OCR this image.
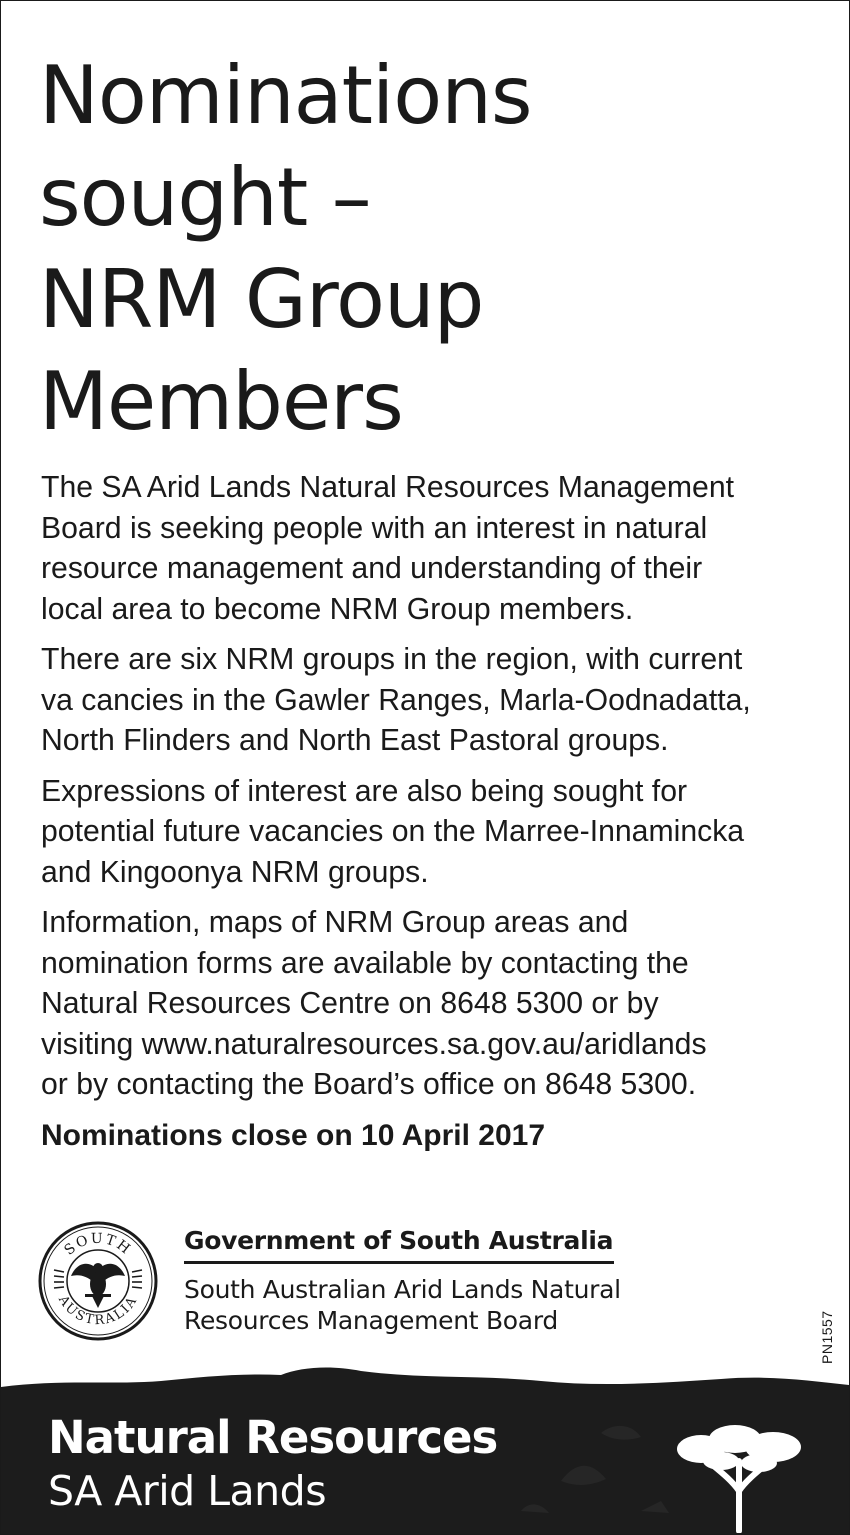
Nominations
sought –
NRM Group
Members

The SA Arid Lands Natural Resources Management
Board is seeking people with an interest in natural
resource management and understanding of their
local area to become NRM Group members.

There are six NRM groups in the region, with current
va cancies in the Gawler Ranges, Marla-Oodnadatta,
North Flinders and North East Pastoral groups.

Expressions of interest are also being sought for
potential future vacancies on the Marree-Innamincka
and Kingoonya NRM groups.

Information, maps of NRM Group areas and
nomination forms are available by contacting the
Natural Resources Centre on 8648 5300 or by
visiting www.naturalresources.sa.gov.au/aridlands
or by contacting the Board’s office on 8648 5300.

Nominations close on 10 April 2017
SOUTH
AUSTRALIA
Government of South Australia
South Australian Arid Lands Natural
Resources Management Board	PN1557
Natural Resources
SA Arid Lands
